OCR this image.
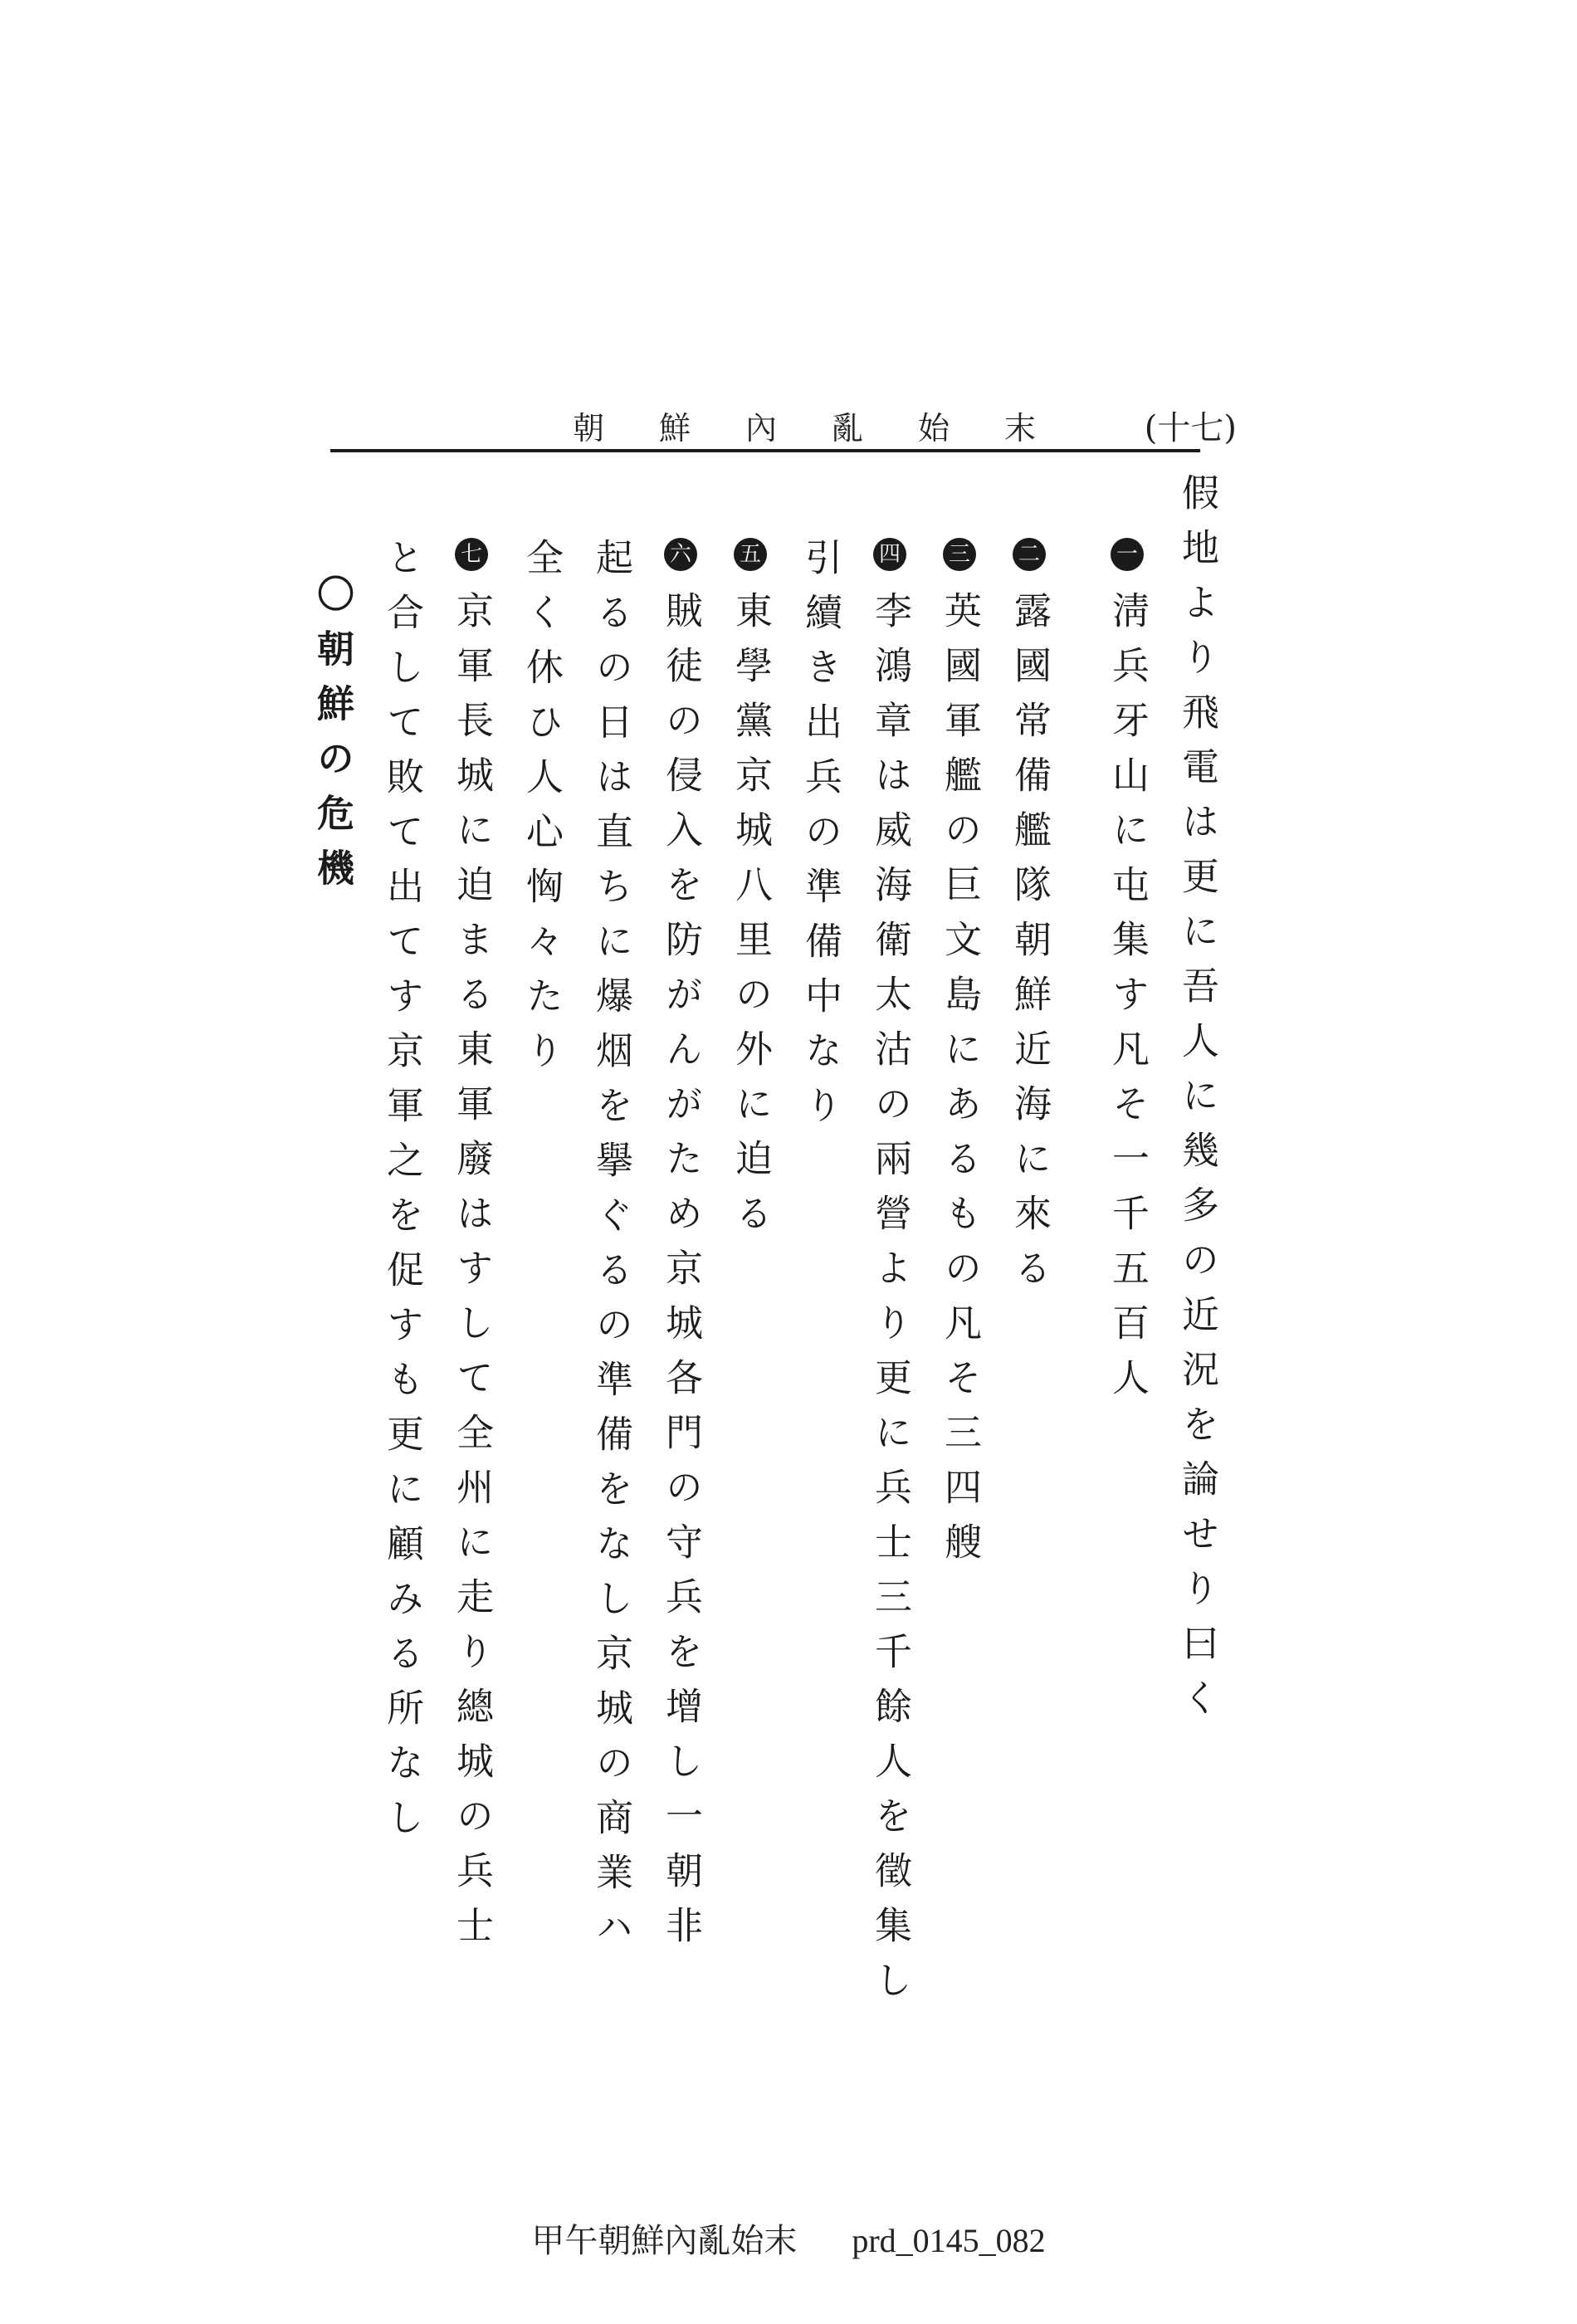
朝鮮內亂始末 (十七)
假地より飛電は更に吾人に幾多の近況を論せり曰く
一淸兵牙山に屯集す凡そ一千五百人
二露國常備艦隊朝鮮近海に來る
三英國軍艦の巨文島にあるもの凡そ三四艘
四李鴻章は威海衛太沽の兩營より更に兵士三千餘人を徵集し
引續き出兵の準備中なり
五東學黨京城八里の外に迫る
六賊徒の侵入を防がんがため京城各門の守兵を增し一朝非
起るの日は直ちに爆烟を擧ぐるの準備をなし京城の商業ハ
全く休ひ人心恟々たり
七京軍長城に迫まる東軍廢はすして全州に走り總城の兵士
と合して敗て出てす京軍之を促すも更に顧みる所なし
〇朝鮮の危機
甲午朝鮮內亂始末 prd_0145_082
